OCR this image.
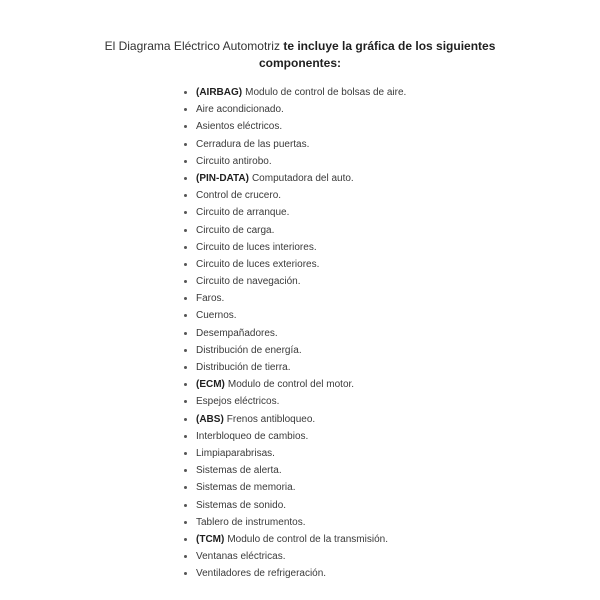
El Diagrama Eléctrico Automotriz te incluye la gráfica de los siguientes
componentes:
(AIRBAG) Modulo de control de bolsas de aire.
Aire acondicionado.
Asientos eléctricos.
Cerradura de las puertas.
Circuito antirobo.
(PIN-DATA) Computadora del auto.
Control de crucero.
Circuito de arranque.
Circuito de carga.
Circuito de luces interiores.
Circuito de luces exteriores.
Circuito de navegación.
Faros.
Cuernos.
Desempañadores.
Distribución de energía.
Distribución de tierra.
(ECM) Modulo de control del motor.
Espejos eléctricos.
(ABS) Frenos antibloqueo.
Interbloqueo de cambios.
Limpiaparabrisas.
Sistemas de alerta.
Sistemas de memoria.
Sistemas de sonido.
Tablero de instrumentos.
(TCM) Modulo de control de la transmisión.
Ventanas eléctricas.
Ventiladores de refrigeración.
